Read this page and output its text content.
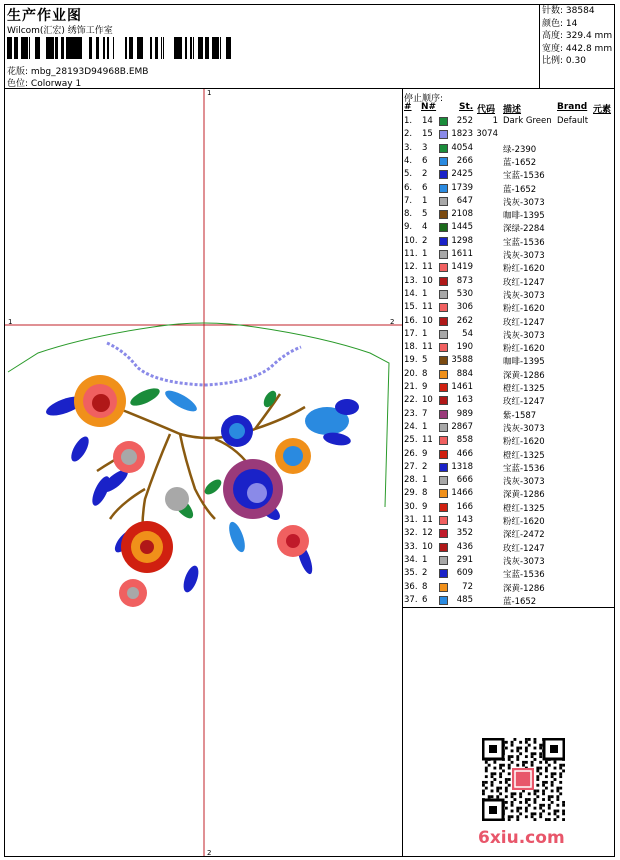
生产作业图
Wilcom(汇宏) 绣饰工作室
花版: mbg_28193D94968B.EMB
色位: Colorway 1
针数: 38584
颜色: 14
高度: 329.4 mm
宽度: 442.8 mm
比例: 0.30
停止顺序:
# N#	St. 代码 描述	Brand 元素
1. 14	252	1 Dark Green Default
2. 15	1823 3074
3. 3	4054	绿-2390
4. 6	266	蓝-1652
5. 2	2425	宝蓝-1536
6. 6	1739	蓝-1652
7. 1	647	浅灰-3073
8. 5	2108	咖啡-1395
9. 4	1445	深绿-2284
10. 2	1298	宝蓝-1536
11. 1	1611	浅灰-3073
12. 11	1419	粉红-1620
13. 10	873	玫红-1247
14. 1	530	浅灰-3073
15. 11	306	粉红-1620
16. 10	262	玫红-1247
17. 1	54	浅灰-3073
18. 11	190	粉红-1620
19. 5	3588	咖啡-1395
20. 8	884	深黄-1286
21. 9	1461	橙红-1325
22. 10	163	玫红-1247
23. 7	989	紫-1587
24. 1	2867	浅灰-3073
25. 11	858	粉红-1620
26. 9	466	橙红-1325
27. 2	1318	宝蓝-1536
28. 1	666	浅灰-3073
29. 8	1466	深黄-1286
30. 9	166	橙红-1325
31. 11	143	粉红-1620
32. 12	352	深红-2472
33. 10	436	玫红-1247
34. 1	291	浅灰-3073
35. 2	609	宝蓝-1536
36. 8	72	深黄-1286
37. 6	485	蓝-1652
1
2
1	2
6xiu.com
